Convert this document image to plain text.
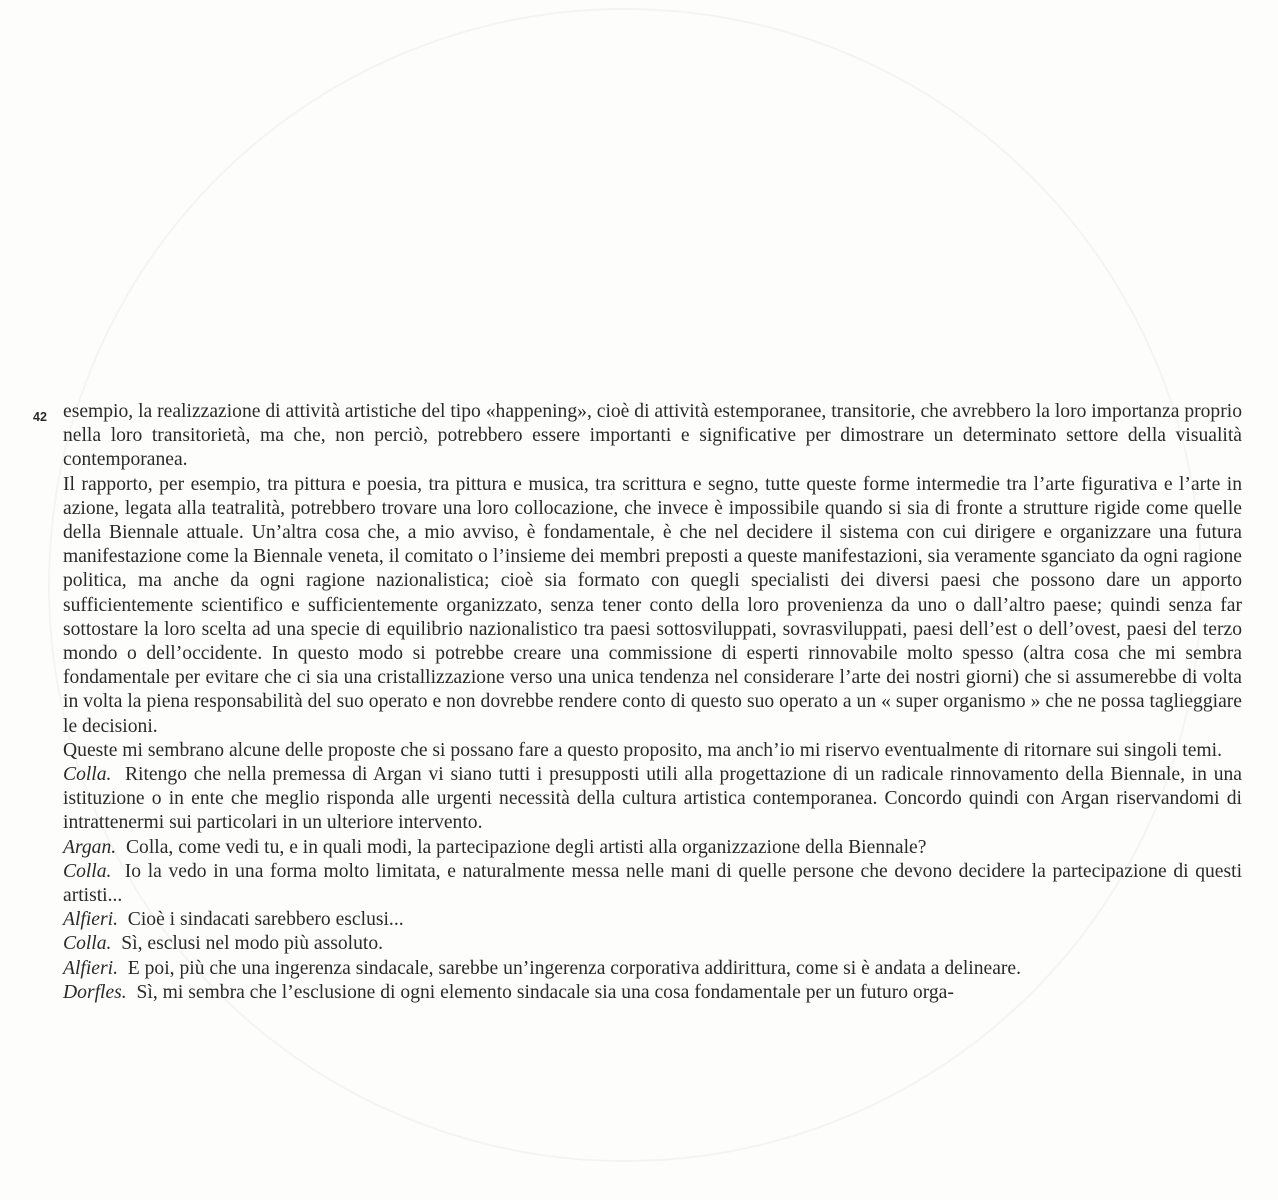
42 esempio, la realizzazione di attività artistiche del tipo «happening», cioè di attività estemporanee, transitorie, che avrebbero la loro importanza proprio nella loro transitorietà, ma che, non perciò, potrebbero essere importanti e significative per dimostrare un determinato settore della visualità contemporanea.

Il rapporto, per esempio, tra pittura e poesia, tra pittura e musica, tra scrittura e segno, tutte queste forme intermedie tra l’arte figurativa e l’arte in azione, legata alla teatralità, potrebbero trovare una loro collocazione, che invece è impossibile quando si sia di fronte a strutture rigide come quelle della Biennale attuale. Un’altra cosa che, a mio avviso, è fondamentale, è che nel decidere il sistema con cui dirigere e organizzare una futura manifestazione come la Biennale veneta, il comitato o l’insieme dei membri preposti a queste manifestazioni, sia veramente sganciato da ogni ragione politica, ma anche da ogni ragione nazionalistica; cioè sia formato con quegli specialisti dei diversi paesi che possono dare un apporto sufficientemente scientifico e sufficientemente organizzato, senza tener conto della loro provenienza da uno o dall’altro paese; quindi senza far sottostare la loro scelta ad una specie di equilibrio nazionalistico tra paesi sottosviluppati, sovrasviluppati, paesi dell’est o dell’ovest, paesi del terzo mondo o dell’occidente. In questo modo si potrebbe creare una commissione di esperti rinnovabile molto spesso (altra cosa che mi sembra fondamentale per evitare che ci sia una cristallizzazione verso una unica tendenza nel considerare l’arte dei nostri giorni) che si assumerebbe di volta in volta la piena responsabilità del suo operato e non dovrebbe rendere conto di questo suo operato a un « super organismo » che ne possa taglieggiare le decisioni.

Queste mi sembrano alcune delle proposte che si possano fare a questo proposito, ma anch’io mi riservo eventualmente di ritornare sui singoli temi.

Colla. Ritengo che nella premessa di Argan vi siano tutti i presupposti utili alla progettazione di un radicale rinnovamento della Biennale, in una istituzione o in ente che meglio risponda alle urgenti necessità della cultura artistica contemporanea. Concordo quindi con Argan riservandomi di intrattenermi sui particolari in un ulteriore intervento.

Argan. Colla, come vedi tu, e in quali modi, la partecipazione degli artisti alla organizzazione della Biennale?

Colla. Io la vedo in una forma molto limitata, e naturalmente messa nelle mani di quelle persone che devono decidere la partecipazione di questi artisti...

Alfieri. Cioè i sindacati sarebbero esclusi...

Colla. Sì, esclusi nel modo più assoluto.

Alfieri. E poi, più che una ingerenza sindacale, sarebbe un’ingerenza corporativa addirittura, come si è andata a delineare.

Dorfles. Sì, mi sembra che l’esclusione di ogni elemento sindacale sia una cosa fondamentale per un futuro orga-
